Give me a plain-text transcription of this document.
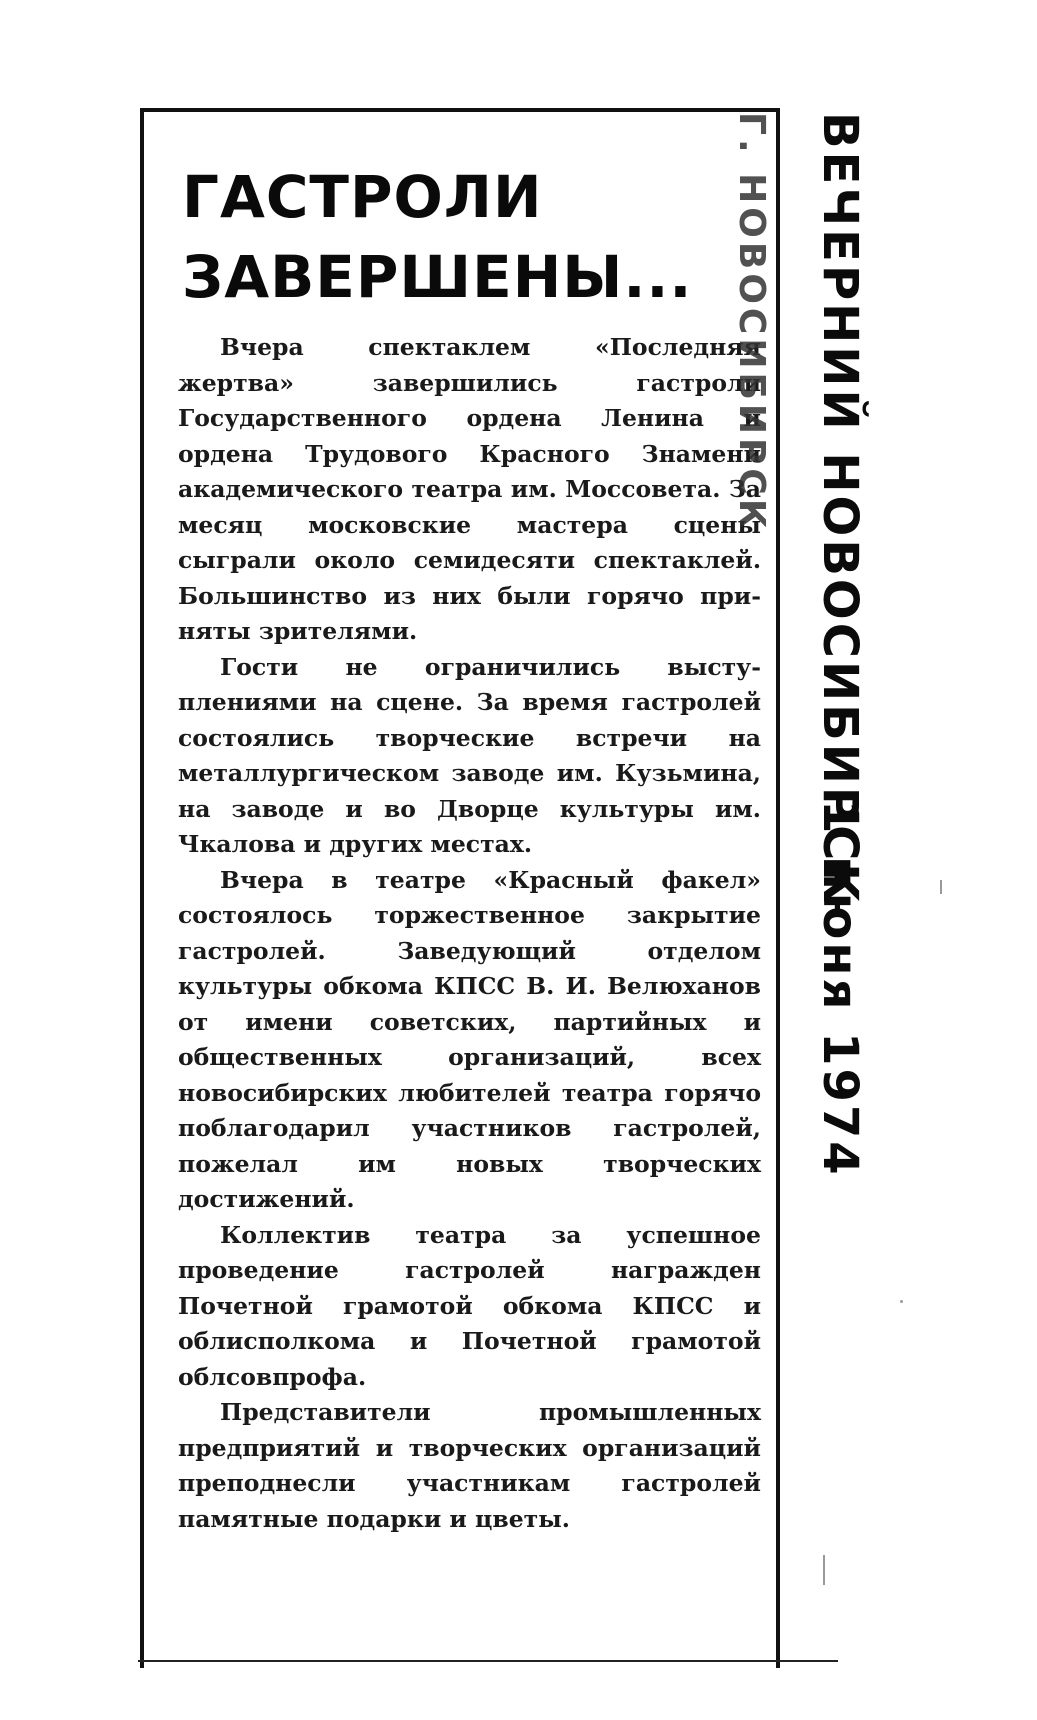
ГАСТРОЛИ
ЗАВЕРШЕНЫ...

Вчера спектаклем «Последняя жертва» завершились гастроли Государственного ордена Ленина и ордена Трудового Красного Знамени академического театра им. Моссовета. За месяц московские мастера сцены сыграли около семидесяти спектаклей. Большинство из них были горячо приняты зрителями.

Гости не ограничились выступлениями на сцене. За время гастролей состоялись творческие встречи на металлургическом заводе им. Кузьмина, на заводе и во Дворце культуры им. Чкалова и других местах.

Вчера в театре «Красный факел» состоялось торжественное закрытие гастролей. Заведующий отделом культуры обкома КПСС В. И. Велюханов от имени советских, партийных и общественных организаций, всех новосибирских любителей театра горячо поблагодарил участников гастролей, пожелал им новых творческих достижений.

Коллектив театра за успешное проведение гастролей награжден Почетной грамотой обкома КПСС и облисполкома и Почетной грамотой облсовпрофа.

Представители промышленных предприятий и творческих организаций преподнесли участникам гастролей памятные подарки и цветы.

Г. НОВОСИБИРСК ВЕЧЕРНИЙ НОВОСИБИРСК
1 июня 1974
